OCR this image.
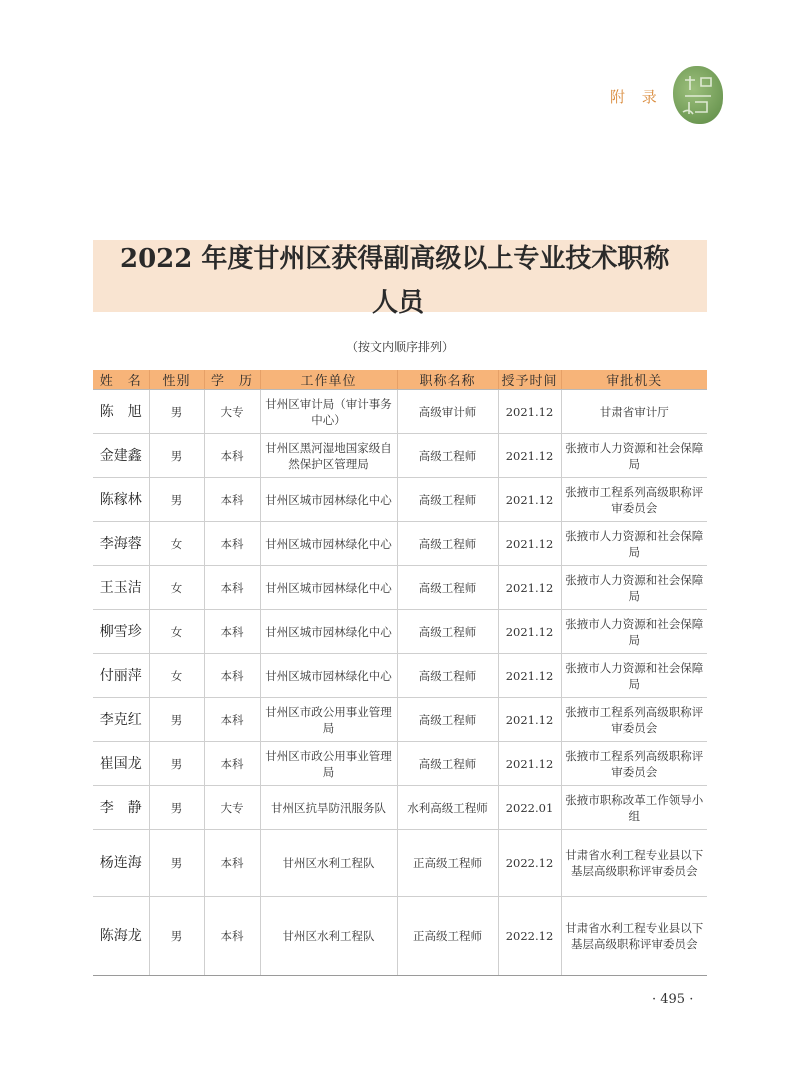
附 录
2022 年度甘州区获得副高级以上专业技术职称
人员
（按文内顺序排列）
姓　名	性别	学　历	工作单位	职称名称	授予时间	审批机关
陈　旭	男	大专	甘州区审计局（审计事务中心）	高级审计师	2021.12	甘肃省审计厅
金建鑫	男	本科	甘州区黑河湿地国家级自然保护区管理局	高级工程师	2021.12	张掖市人力资源和社会保障局
陈稼林	男	本科	甘州区城市园林绿化中心	高级工程师	2021.12	张掖市工程系列高级职称评审委员会
李海蓉	女	本科	甘州区城市园林绿化中心	高级工程师	2021.12	张掖市人力资源和社会保障局
王玉洁	女	本科	甘州区城市园林绿化中心	高级工程师	2021.12	张掖市人力资源和社会保障局
柳雪珍	女	本科	甘州区城市园林绿化中心	高级工程师	2021.12	张掖市人力资源和社会保障局
付丽萍	女	本科	甘州区城市园林绿化中心	高级工程师	2021.12	张掖市人力资源和社会保障局
李克红	男	本科	甘州区市政公用事业管理局	高级工程师	2021.12	张掖市工程系列高级职称评审委员会
崔国龙	男	本科	甘州区市政公用事业管理局	高级工程师	2021.12	张掖市工程系列高级职称评审委员会
李　静	男	大专	甘州区抗旱防汛服务队	水利高级工程师	2022.01	张掖市职称改革工作领导小组
杨连海	男	本科	甘州区水利工程队	正高级工程师	2022.12	甘肃省水利工程专业县以下基层高级职称评审委员会
陈海龙	男	本科	甘州区水利工程队	正高级工程师	2022.12	甘肃省水利工程专业县以下基层高级职称评审委员会
· 495 ·
